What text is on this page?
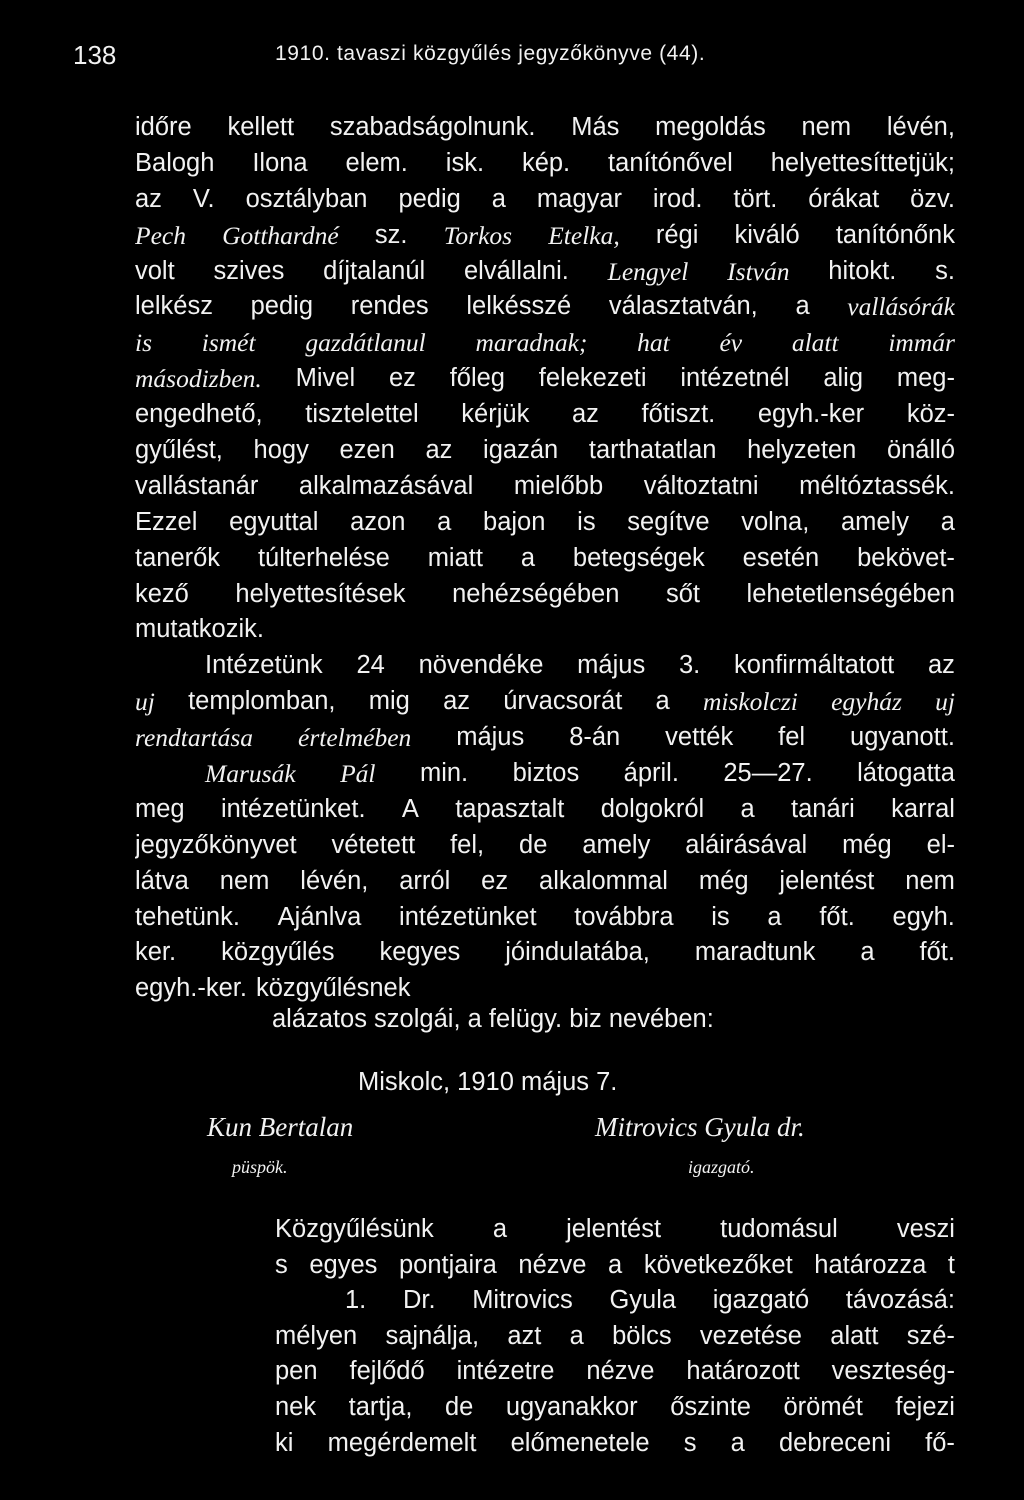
138	1910. tavaszi közgyűlés jegyzőkönyve (44).
időre kellett szabadságolnunk. Más megoldás nem lévén,
Balogh Ilona elem. isk. kép. tanítónővel helyettesíttetjük;
az V. osztályban pedig a magyar irod. tört. órákat özv.
Pech Gotthardné sz. Torkos Etelka, régi kiváló tanítónőnk
volt szives díjtalanúl elvállalni. Lengyel István hitokt. s.
lelkész pedig rendes lelkésszé választatván, a vallásórák
is ismét gazdátlanul maradnak; hat év alatt immár
másodizben. Mivel ez főleg felekezeti intézetnél alig meg-
engedhető, tisztelettel kérjük az főtiszt. egyh.-ker köz-
gyűlést, hogy ezen az igazán tarthatatlan helyzeten önálló
vallástanár alkalmazásával mielőbb változtatni méltóztassék.
Ezzel egyuttal azon a bajon is segítve volna, amely a
tanerők túlterhelése miatt a betegségek esetén bekövet-
kező helyettesítések nehézségében sőt lehetetlenségében
mutatkozik.
Intézetünk 24 növendéke május 3. konfirmáltatott az
uj templomban, mig az úrvacsorát a miskolczi egyház uj
rendtartása értelmében május 8-án vették fel ugyanott.
Marusák Pál min. biztos ápril. 25—27. látogatta
meg intézetünket. A tapasztalt dolgokról a tanári karral
jegyzőkönyvet vétetett fel, de amely aláirásával még el-
látva nem lévén, arról ez alkalommal még jelentést nem
tehetünk. Ajánlva intézetünket továbbra is a főt. egyh.
ker. közgyűlés kegyes jóindulatába, maradtunk a főt.
egyh.-ker. közgyűlésnek
alázatos szolgái, a felügy. biz nevében:
Miskolc, 1910 május 7.
Kun Bertalan
püspök.
Mitrovics Gyula dr.
igazgató.
Közgyűlésünk a jelentést tudomásul veszi
s egyes pontjaira nézve a következőket határozza t
1. Dr. Mitrovics Gyula igazgató távozásá:
mélyen sajnálja, azt a bölcs vezetése alatt szé-
pen fejlődő intézetre nézve határozott veszteség-
nek tartja, de ugyanakkor őszinte örömét fejezi
ki megérdemelt előmenetele s a debreceni fő-
